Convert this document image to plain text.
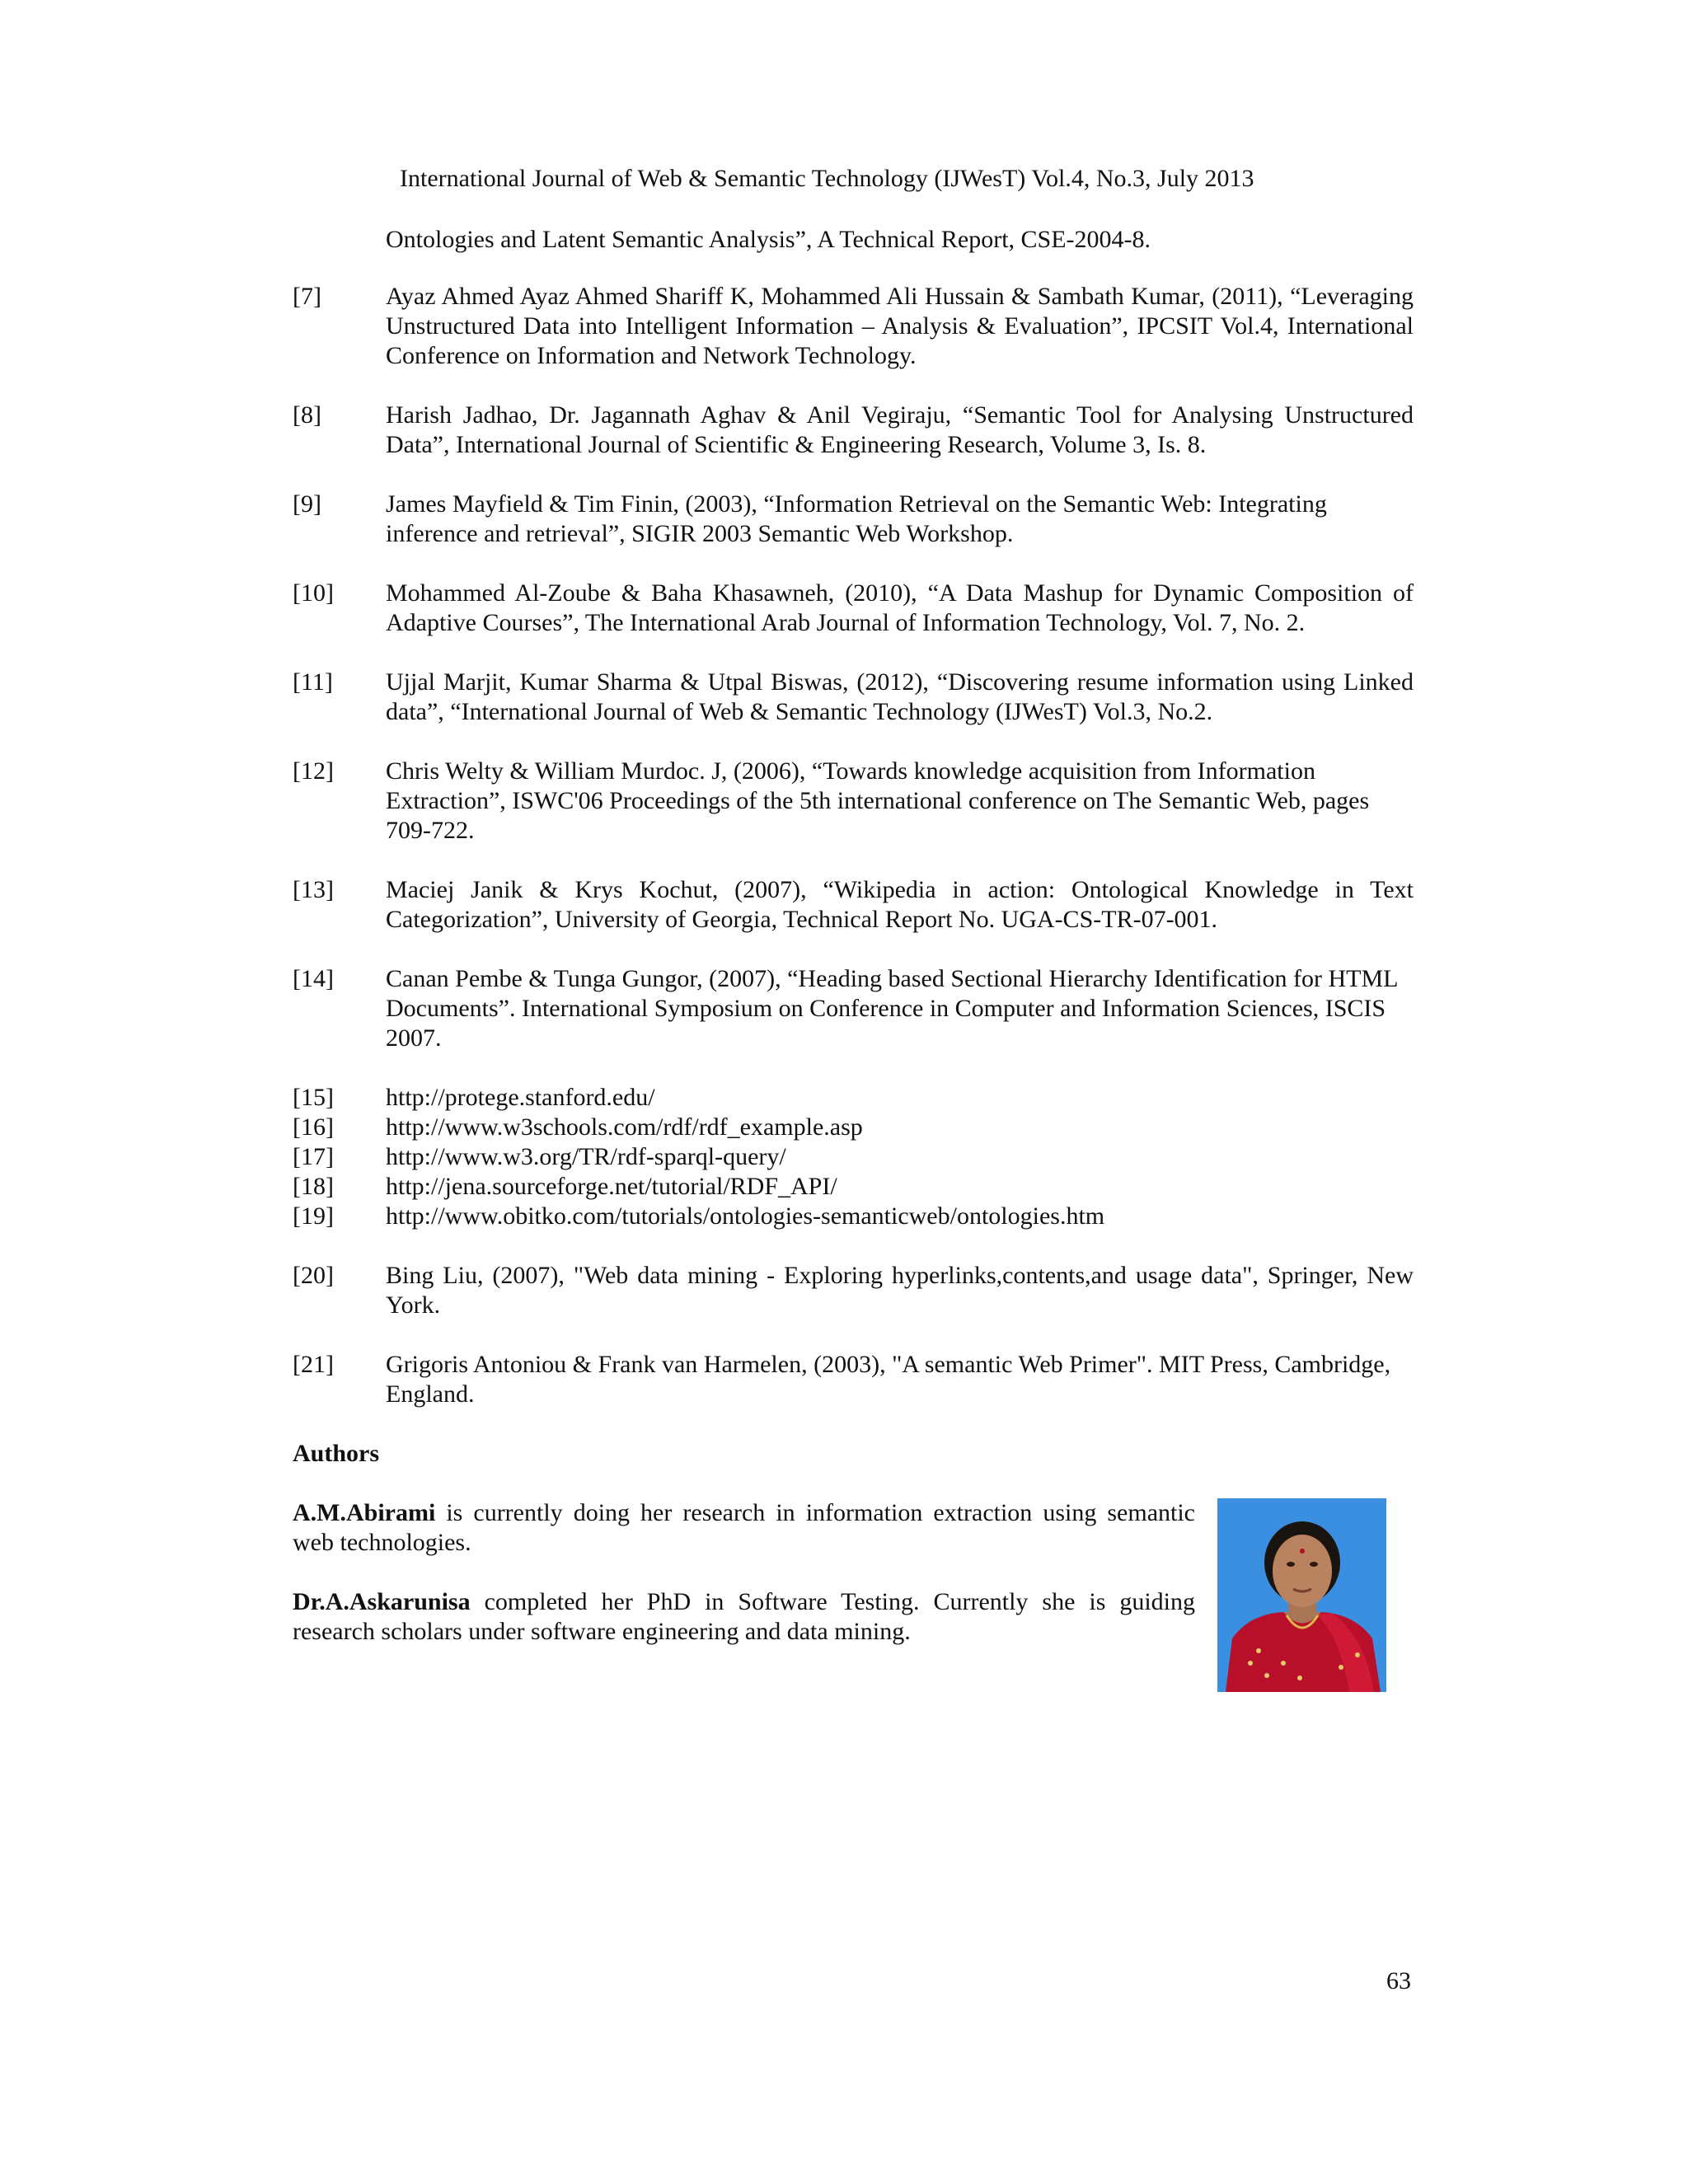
International Journal of Web & Semantic Technology (IJWesT) Vol.4, No.3, July 2013
Ontologies and Latent Semantic Analysis”, A Technical Report, CSE-2004-8.
[7]	Ayaz Ahmed Ayaz Ahmed Shariff K, Mohammed Ali Hussain & Sambath Kumar, (2011), “Leveraging Unstructured Data into Intelligent Information – Analysis & Evaluation”, IPCSIT Vol.4, International Conference on Information and Network Technology.
[8]	Harish Jadhao, Dr. Jagannath Aghav & Anil Vegiraju, “Semantic Tool for Analysing Unstructured Data”, International Journal of Scientific & Engineering Research, Volume 3, Is. 8.
[9]	James Mayfield & Tim Finin, (2003), “Information Retrieval on the Semantic Web: Integrating inference and retrieval”, SIGIR 2003 Semantic Web Workshop.
[10]	Mohammed Al-Zoube & Baha Khasawneh, (2010), “A Data Mashup for Dynamic Composition of Adaptive Courses”, The International Arab Journal of Information Technology, Vol. 7, No. 2.
[11]	Ujjal Marjit, Kumar Sharma & Utpal Biswas, (2012), “Discovering resume information using Linked data”, “International Journal of Web & Semantic Technology (IJWesT) Vol.3, No.2.
[12]	Chris Welty & William Murdoc. J, (2006), “Towards knowledge acquisition from Information Extraction”, ISWC'06 Proceedings of the 5th international conference on The Semantic Web, pages 709-722.
[13]	Maciej Janik & Krys Kochut, (2007), “Wikipedia in action: Ontological Knowledge in Text Categorization”, University of Georgia, Technical Report No. UGA-CS-TR-07-001.
[14]	Canan Pembe & Tunga Gungor, (2007), “Heading based Sectional Hierarchy Identification for HTML Documents”. International Symposium on Conference in Computer and Information Sciences, ISCIS 2007.
[15]	http://protege.stanford.edu/
[16]	http://www.w3schools.com/rdf/rdf_example.asp
[17]	http://www.w3.org/TR/rdf-sparql-query/
[18]	http://jena.sourceforge.net/tutorial/RDF_API/
[19]	http://www.obitko.com/tutorials/ontologies-semanticweb/ontologies.htm
[20]	Bing Liu, (2007), "Web data mining - Exploring hyperlinks,contents,and usage data", Springer, New York.
[21]	Grigoris Antoniou & Frank van Harmelen, (2003), "A semantic Web Primer". MIT Press, Cambridge, England.
Authors
A.M.Abirami is currently doing her research in information extraction using semantic web technologies.
Dr.A.Askarunisa completed her PhD in Software Testing. Currently she is guiding research scholars under software engineering and data mining.
63
